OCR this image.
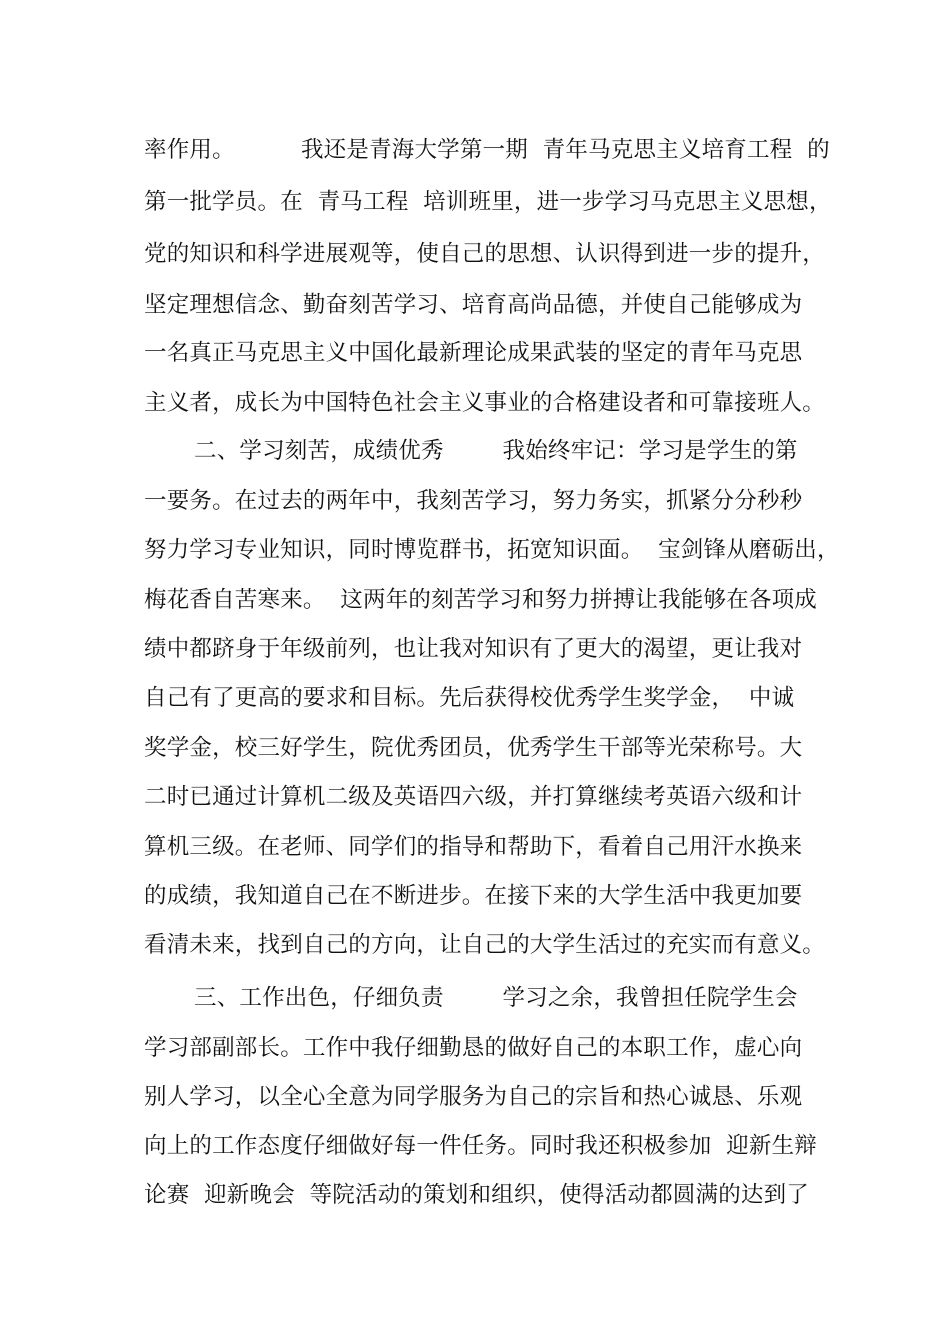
率作用。         我还是青海大学第一期  青年马克思主义培育工程  的
第一批学员。在  青马工程  培训班里，进一步学习马克思主义思想，
党的知识和科学进展观等，使自己的思想、认识得到进一步的提升，
坚定理想信念、勤奋刻苦学习、培育高尚品德，并使自己能够成为
一名真正马克思主义中国化最新理论成果武装的坚定的青年马克思
主义者，成长为中国特色社会主义事业的合格建设者和可靠接班人。
二、学习刻苦，成绩优秀        我始终牢记：学习是学生的第
一要务。在过去的两年中，我刻苦学习，努力务实，抓紧分分秒秒
努力学习专业知识，同时博览群书，拓宽知识面。  宝剑锋从磨砺出，
梅花香自苦寒来。  这两年的刻苦学习和努力拼搏让我能够在各项成
绩中都跻身于年级前列，也让我对知识有了更大的渴望，更让我对
自己有了更高的要求和目标。先后获得校优秀学生奖学金，  中诚
奖学金，校三好学生，院优秀团员，优秀学生干部等光荣称号。大
二时已通过计算机二级及英语四六级，并打算继续考英语六级和计
算机三级。在老师、同学们的指导和帮助下，看着自己用汗水换来
的成绩，我知道自己在不断进步。在接下来的大学生活中我更加要
看清未来，找到自己的方向，让自己的大学生活过的充实而有意义。
三、工作出色，仔细负责        学习之余，我曾担任院学生会
学习部副部长。工作中我仔细勤恳的做好自己的本职工作，虚心向
别人学习，以全心全意为同学服务为自己的宗旨和热心诚恳、乐观
向上的工作态度仔细做好每一件任务。同时我还积极参加  迎新生辩
论赛  迎新晚会  等院活动的策划和组织，使得活动都圆满的达到了
